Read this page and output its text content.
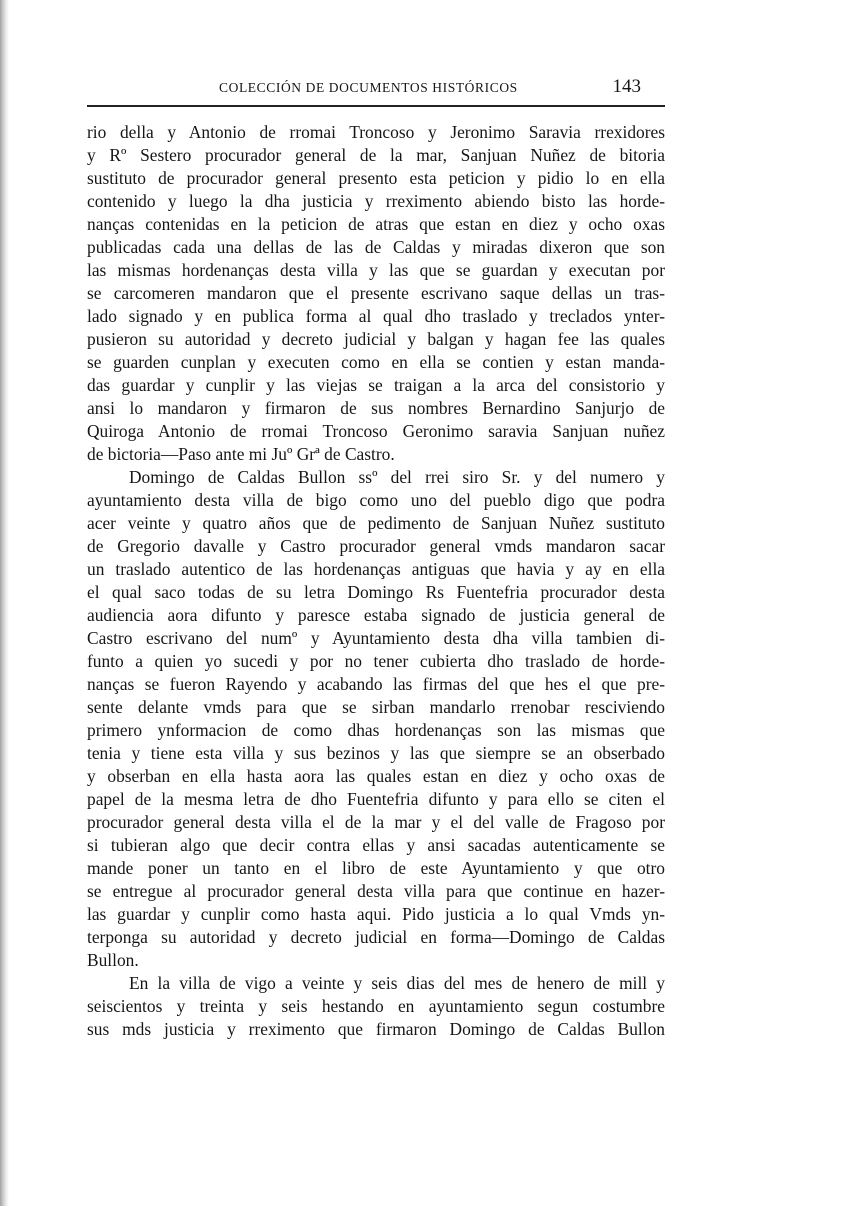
COLECCIÓN DE DOCUMENTOS HISTÓRICOS	143
rio della y Antonio de rromai Troncoso y Jeronimo Saravia rrexidores
y Rº Sestero procurador general de la mar, Sanjuan Nuñez de bitoria
sustituto de procurador general presento esta peticion y pidio lo en ella
contenido y luego la dha justicia y rreximento abiendo bisto las horde-
nanças contenidas en la peticion de atras que estan en diez y ocho oxas
publicadas cada una dellas de las de Caldas y miradas dixeron que son
las mismas hordenanças desta villa y las que se guardan y executan por
se carcomeren mandaron que el presente escrivano saque dellas un tras-
lado signado y en publica forma al qual dho traslado y treclados ynter-
pusieron su autoridad y decreto judicial y balgan y hagan fee las quales
se guarden cunplan y executen como en ella se contien y estan manda-
das guardar y cunplir y las viejas se traigan a la arca del consistorio y
ansi lo mandaron y firmaron de sus nombres Bernardino Sanjurjo de
Quiroga Antonio de rromai Troncoso Geronimo saravia Sanjuan nuñez
de bictoria—Paso ante mi Juº Grª de Castro.
Domingo de Caldas Bullon ssº del rrei siro Sr. y del numero y
ayuntamiento desta villa de bigo como uno del pueblo digo que podra
acer veinte y quatro años que de pedimento de Sanjuan Nuñez sustituto
de Gregorio davalle y Castro procurador general vmds mandaron sacar
un traslado autentico de las hordenanças antiguas que havia y ay en ella
el qual saco todas de su letra Domingo Rs Fuentefria procurador desta
audiencia aora difunto y paresce estaba signado de justicia general de
Castro escrivano del numº y Ayuntamiento desta dha villa tambien di-
funto a quien yo sucedi y por no tener cubierta dho traslado de horde-
nanças se fueron Rayendo y acabando las firmas del que hes el que pre-
sente delante vmds para que se sirban mandarlo rrenobar resciviendo
primero ynformacion de como dhas hordenanças son las mismas que
tenia y tiene esta villa y sus bezinos y las que siempre se an obserbado
y obserban en ella hasta aora las quales estan en diez y ocho oxas de
papel de la mesma letra de dho Fuentefria difunto y para ello se citen el
procurador general desta villa el de la mar y el del valle de Fragoso por
si tubieran algo que decir contra ellas y ansi sacadas autenticamente se
mande poner un tanto en el libro de este Ayuntamiento y que otro
se entregue al procurador general desta villa para que continue en hazer-
las guardar y cunplir como hasta aqui. Pido justicia a lo qual Vmds yn-
terponga su autoridad y decreto judicial en forma—Domingo de Caldas
Bullon.
En la villa de vigo a veinte y seis dias del mes de henero de mill y
seiscientos y treinta y seis hestando en ayuntamiento segun costumbre
sus mds justicia y rreximento que firmaron Domingo de Caldas Bullon
